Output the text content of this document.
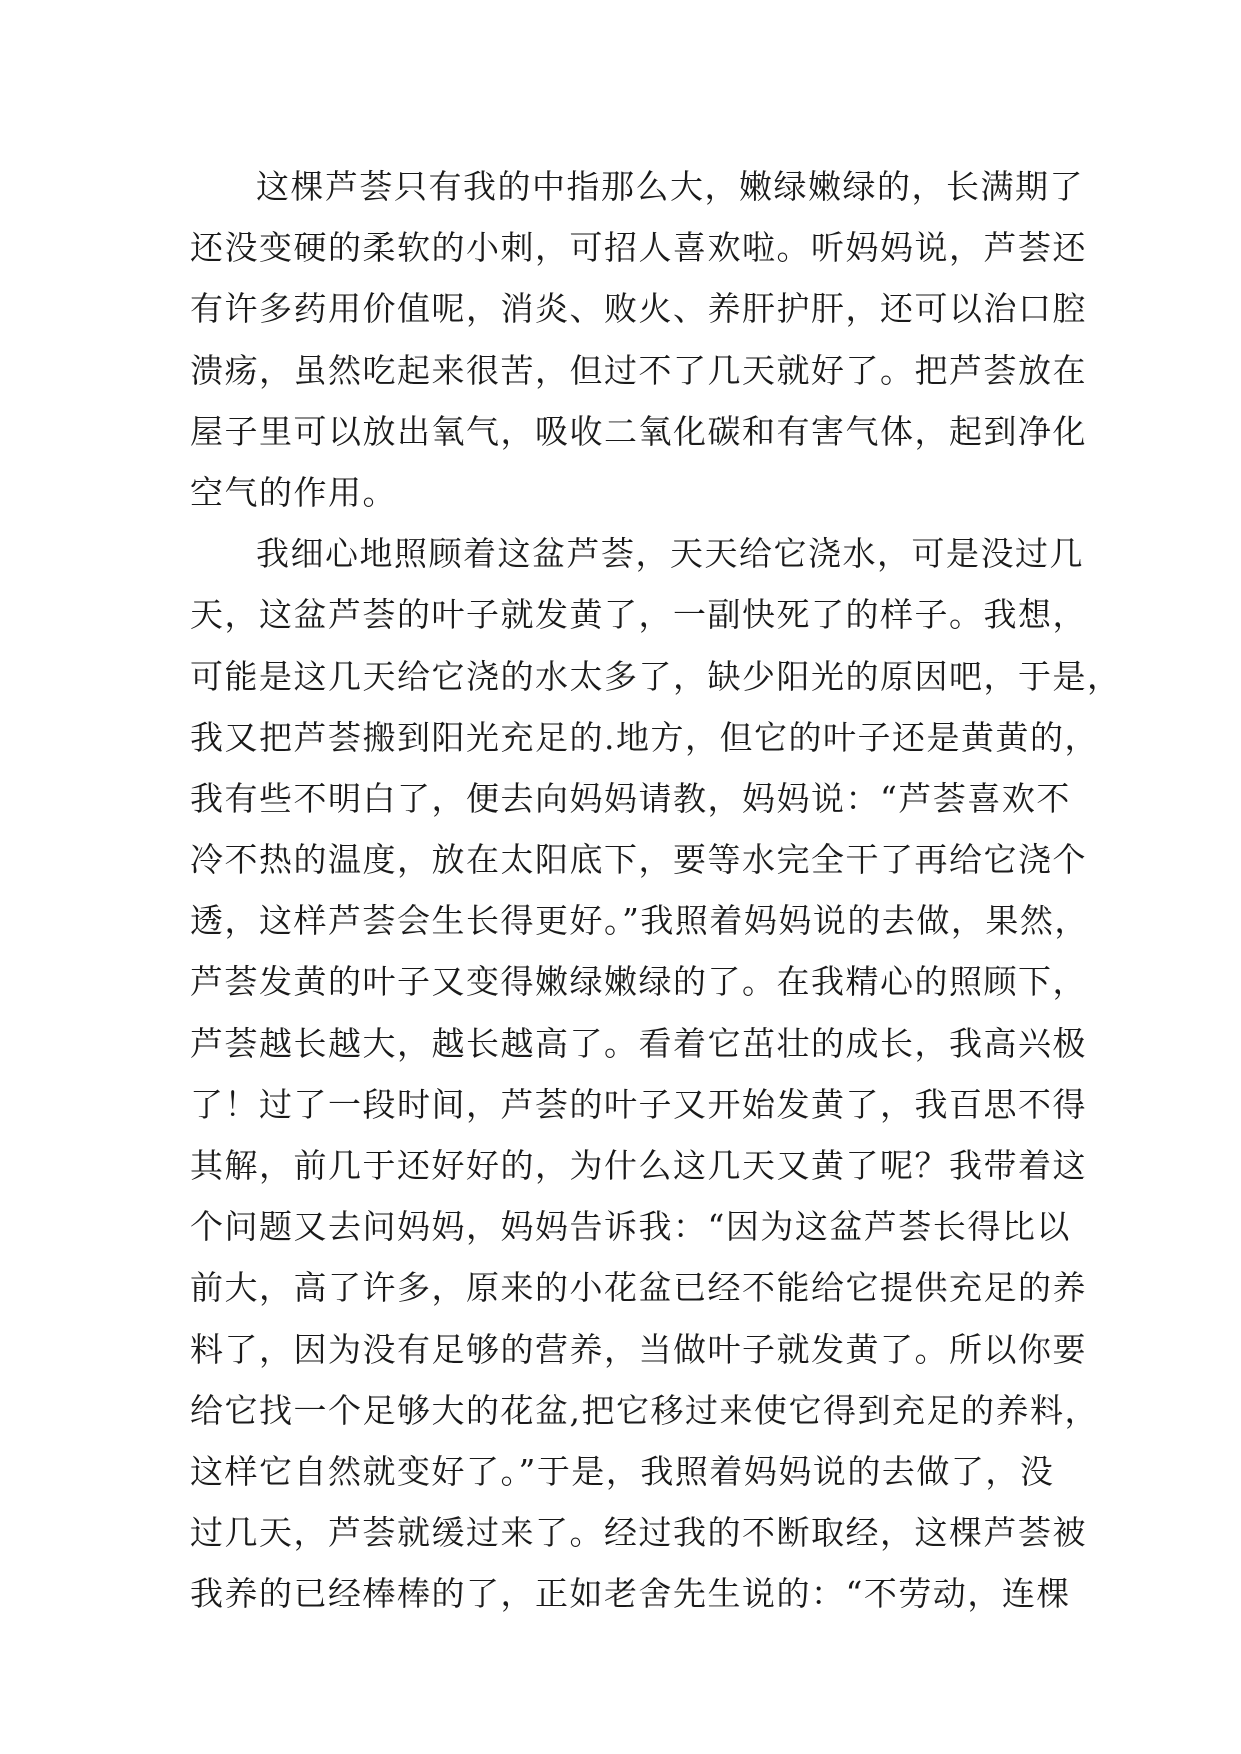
这棵芦荟只有我的中指那么大，嫩绿嫩绿的，长满期了
还没变硬的柔软的小刺，可招人喜欢啦。听妈妈说，芦荟还
有许多药用价值呢，消炎、败火、养肝护肝，还可以治口腔
溃疡，虽然吃起来很苦，但过不了几天就好了。把芦荟放在
屋子里可以放出氧气，吸收二氧化碳和有害气体，起到净化
空气的作用。
我细心地照顾着这盆芦荟，天天给它浇水，可是没过几
天，这盆芦荟的叶子就发黄了，一副快死了的样子。我想，
可能是这几天给它浇的水太多了，缺少阳光的原因吧，于是，
我又把芦荟搬到阳光充足的.地方，但它的叶子还是黄黄的，
我有些不明白了，便去向妈妈请教，妈妈说：“芦荟喜欢不
冷不热的温度，放在太阳底下，要等水完全干了再给它浇个
透，这样芦荟会生长得更好。”我照着妈妈说的去做，果然，
芦荟发黄的叶子又变得嫩绿嫩绿的了。在我精心的照顾下，
芦荟越长越大，越长越高了。看着它茁壮的成长，我高兴极
了！过了一段时间，芦荟的叶子又开始发黄了，我百思不得
其解，前几于还好好的，为什么这几天又黄了呢？我带着这
个问题又去问妈妈，妈妈告诉我：“因为这盆芦荟长得比以
前大，高了许多，原来的小花盆已经不能给它提供充足的养
料了，因为没有足够的营养，当做叶子就发黄了。所以你要
给它找一个足够大的花盆,把它移过来使它得到充足的养料，
这样它自然就变好了。”于是，我照着妈妈说的去做了，没
过几天，芦荟就缓过来了。经过我的不断取经，这棵芦荟被
我养的已经棒棒的了，正如老舍先生说的：“不劳动，连棵
